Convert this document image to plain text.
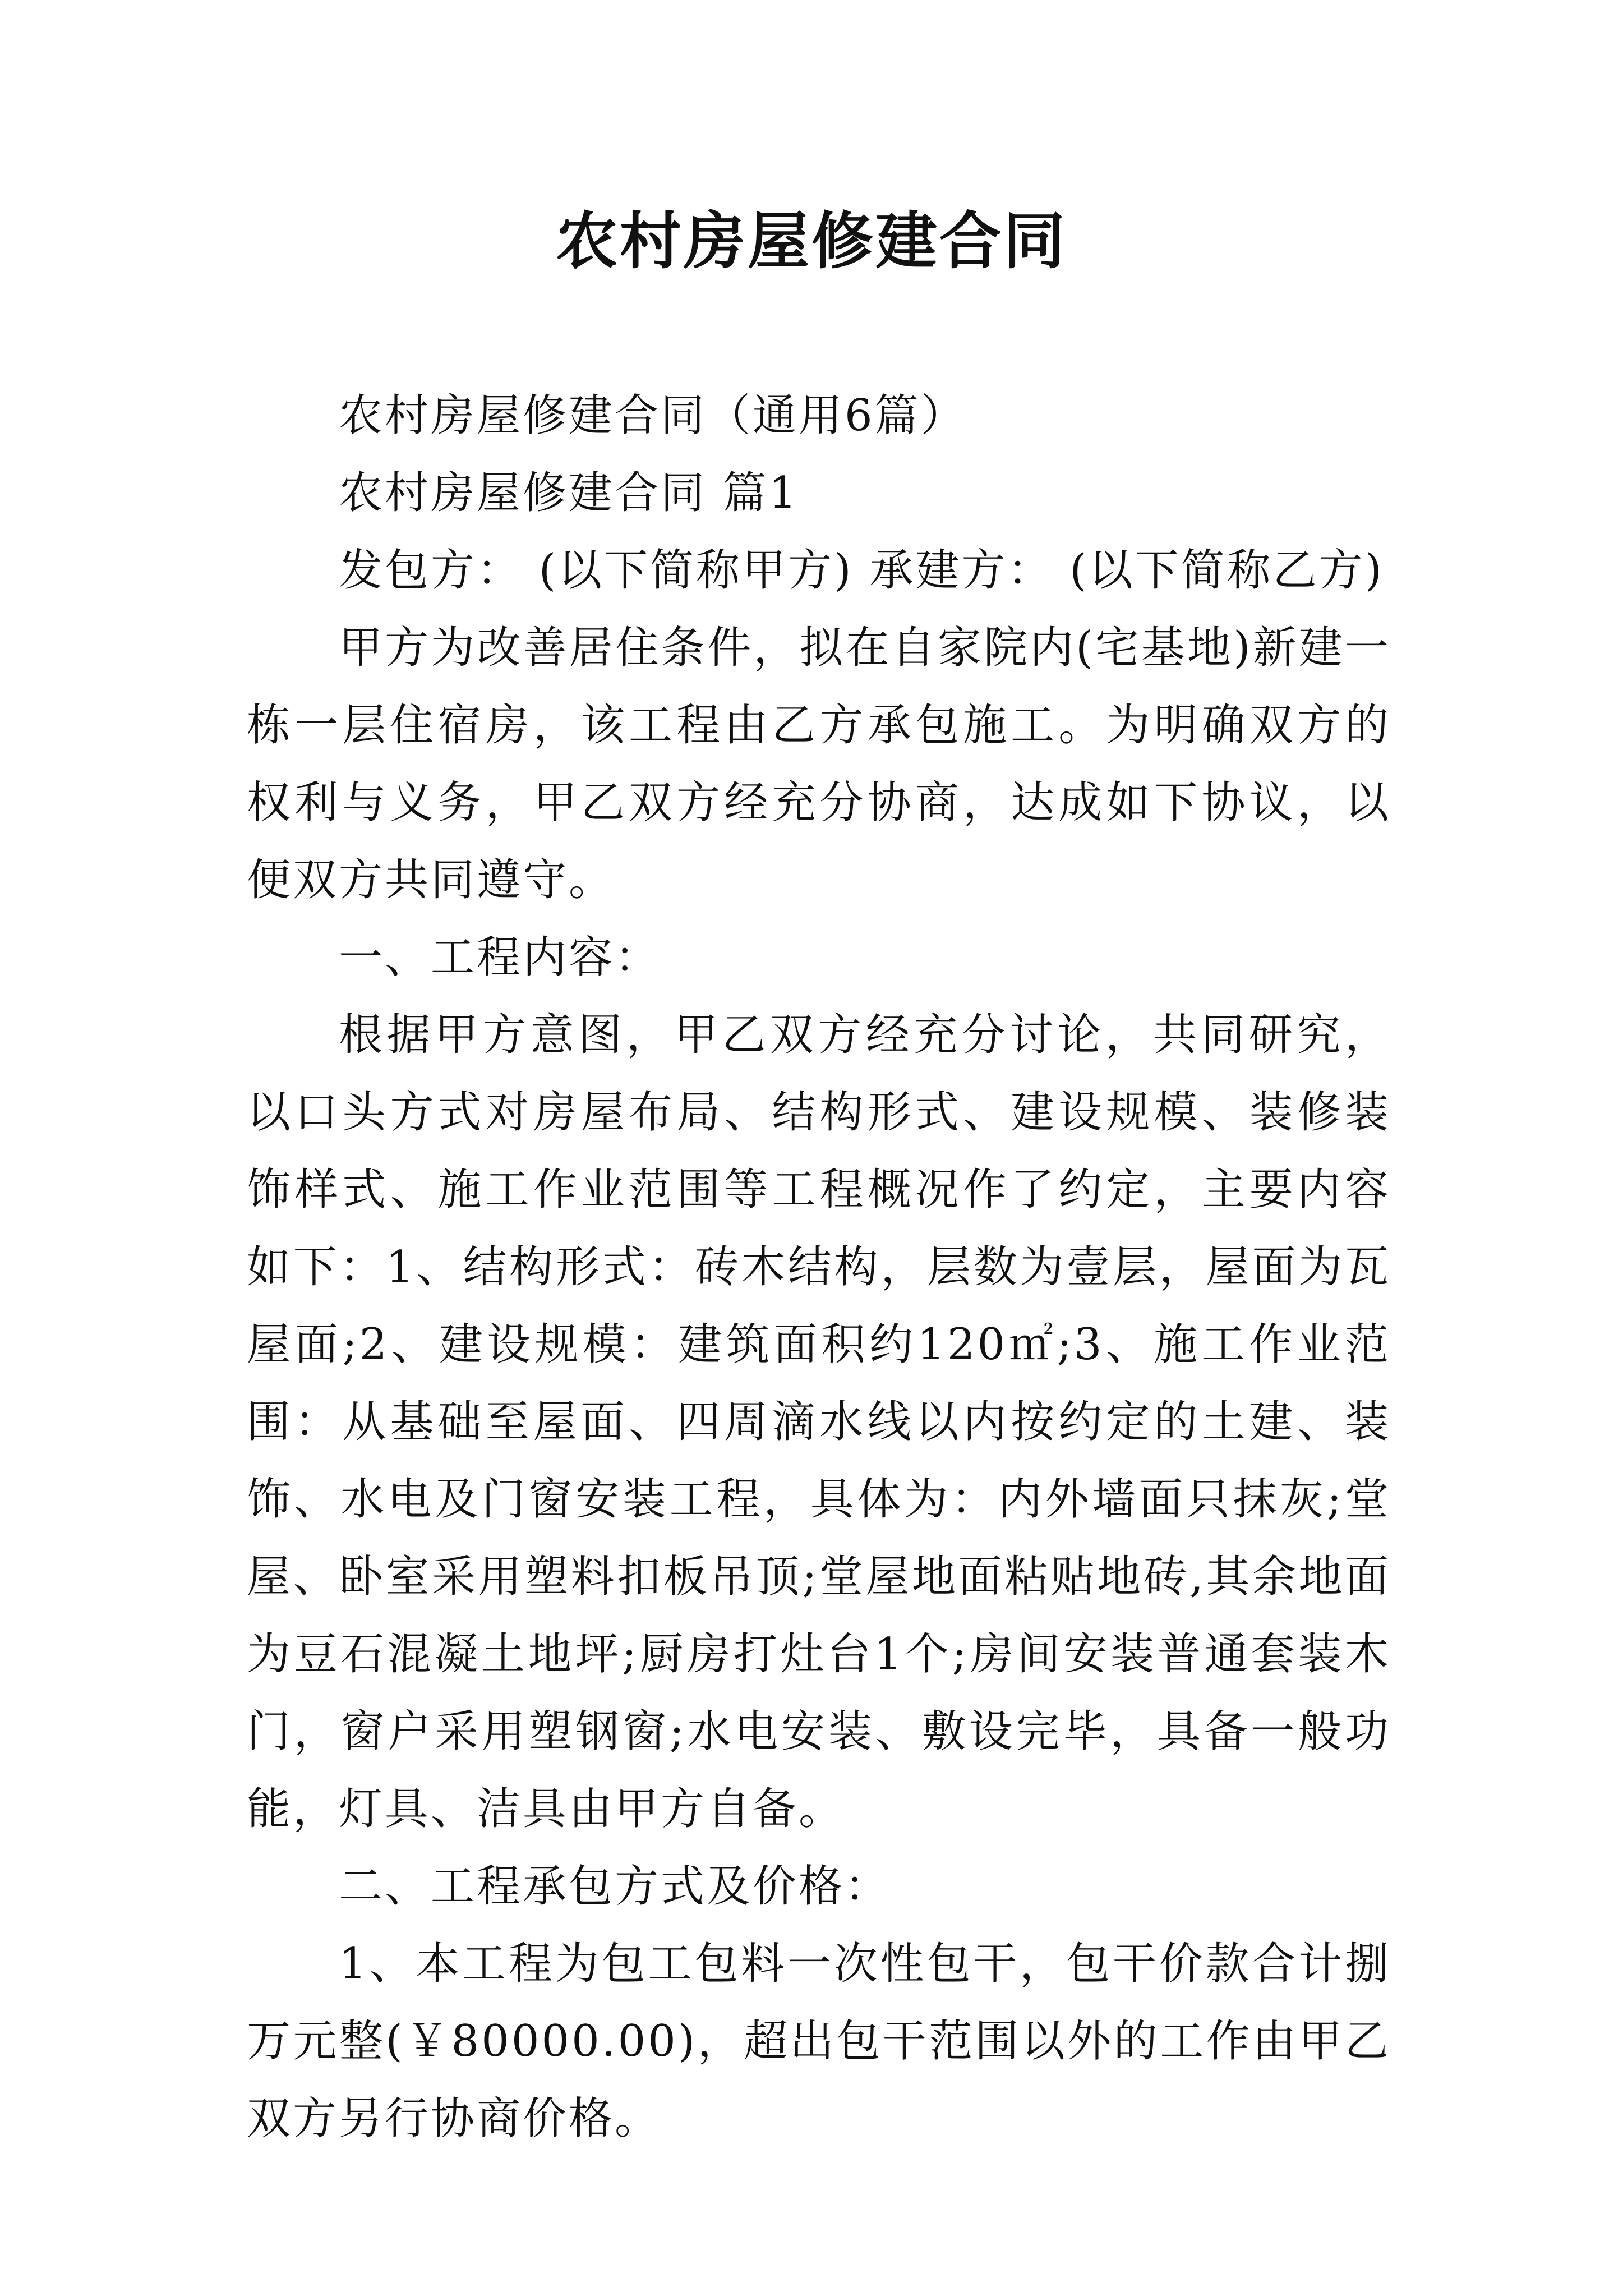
农村房屋修建合同

农村房屋修建合同（通用6篇）

农村房屋修建合同 篇1

发包方： (以下简称甲方) 承建方： (以下简称乙方)

甲方为改善居住条件，拟在自家院内(宅基地)新建一栋一层住宿房，该工程由乙方承包施工。为明确双方的权利与义务，甲乙双方经充分协商，达成如下协议，以便双方共同遵守。

一、工程内容：

根据甲方意图，甲乙双方经充分讨论，共同研究，以口头方式对房屋布局、结构形式、建设规模、装修装饰样式、施工作业范围等工程概况作了约定，主要内容如下：1、结构形式：砖木结构，层数为壹层，屋面为瓦屋面;2、建设规模：建筑面积约120㎡;3、施工作业范围：从基础至屋面、四周滴水线以内按约定的土建、装饰、水电及门窗安装工程，具体为：内外墙面只抹灰;堂屋、卧室采用塑料扣板吊顶;堂屋地面粘贴地砖,其余地面为豆石混凝土地坪;厨房打灶台1个;房间安装普通套装木门，窗户采用塑钢窗;水电安装、敷设完毕，具备一般功能，灯具、洁具由甲方自备。

二、工程承包方式及价格：

1、本工程为包工包料一次性包干，包干价款合计捌万元整(￥80000.00)，超出包干范围以外的工作由甲乙双方另行协商价格。
